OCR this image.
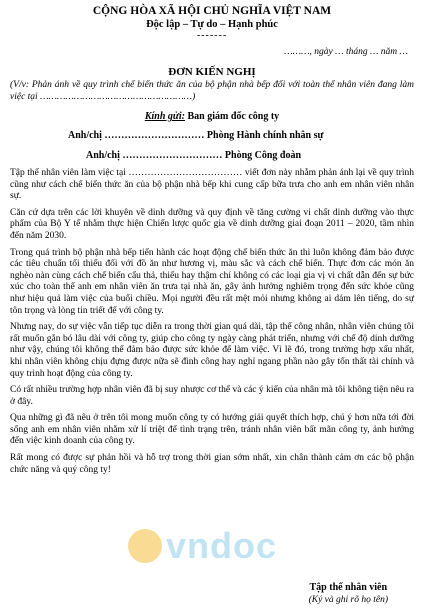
CỘNG HÒA XÃ HỘI CHỦ NGHĨA VIỆT NAM
Độc lập – Tự do – Hạnh phúc
-------
………, ngày … tháng … năm …
ĐƠN KIẾN NGHỊ
(V/v: Phản ánh về quy trình chế biến thức ăn của bộ phận nhà bếp đối với toàn thể nhân viên đang làm việc tại ………………………………………………)
Kính gửi: Ban giám đốc công ty
Anh/chị ………………………… Phòng Hành chính nhân sự
Anh/chị ………………………… Phòng Công đoàn
Tập thể nhân viên làm việc tại ……………………………… viết đơn này nhằm phản ánh lại về quy trình cũng như cách chế biến thức ăn của bộ phận nhà bếp khi cung cấp bữa trưa cho anh em nhân viên nhân sự.
Căn cứ dựa trên các lời khuyên về dinh dưỡng và quy định về tăng cường vi chất dinh dưỡng vào thực phẩm của Bộ Y tế nhằm thực hiện Chiến lược quốc gia về dinh dưỡng giai đoạn 2011 – 2020, tầm nhìn đến năm 2030.
Trong quá trình bộ phận nhà bếp tiến hành các hoạt động chế biến thức ăn thì luôn không đảm bảo được các tiêu chuẩn tối thiểu đối với đồ ăn như hương vị, màu sắc và cách chế biến. Thực đơn các món ăn nghèo nàn cùng cách chế biến cẩu thả, thiếu hay thậm chí không có các loại gia vị vi chất dẫn đến sự bức xúc cho toàn thể anh em nhân viên ăn trưa tại nhà ăn, gây ảnh hưởng nghiêm trọng đến sức khỏe cũng như hiệu quả làm việc của buổi chiều. Mọi người đều rất mệt mỏi nhưng không ai dám lên tiếng, do sự tôn trọng và lòng tin triết để với công ty.
Nhưng nay, do sự việc vẫn tiếp tục diễn ra trong thời gian quá dài, tập thể công nhân, nhân viên chúng tôi rất muốn gắn bó lâu dài với công ty, giúp cho công ty ngày càng phát triển, nhưng với chế độ dinh dưỡng như vậy, chúng tôi không thể đảm bảo được sức khỏe để làm việc. Vì lẽ đó, trong trường hợp xấu nhất, khi nhân viên không chịu đựng được nữa sẽ đình công hay nghỉ ngang phần nào gây tổn thất tài chính và quy trình hoạt động của công ty.
Có rất nhiều trường hợp nhân viên đã bị suy nhược cơ thể và các ý kiến của nhân mà tôi không tiện nêu ra ở đây.
Qua những gì đã nêu ở trên tôi mong muốn công ty có hướng giải quyết thích hợp, chú ý hơn nữa tới đời sống anh em nhân viên nhằm xử lí triệt để tình trạng trên, tránh nhân viên bất mãn công ty, ảnh hưởng đến việc kinh doanh của công ty.
Rất mong có được sự phản hồi và hỗ trợ trong thời gian sớm nhất, xin chân thành cảm ơn các bộ phận chức năng và quý công ty!
vndoc
Tập thể nhân viên
(Ký và ghi rõ họ tên)
